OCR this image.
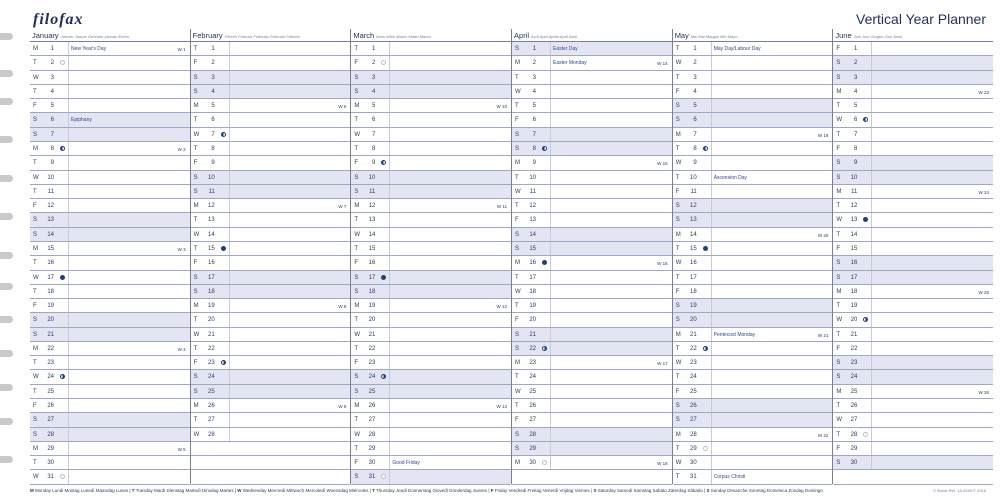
filofax	Vertical Year Planner
January Janvier Januar Gennaio Januari Enero
M	1	New Year's Day	W 1
T	2
W	3
T	4
F	5
S	6	Epiphany
S	7
M	8	W 2
T	9
W	10
T	11
F	12
S	13
S	14
M	15	W 3
T	16
W	17
T	18
F	19
S	20
S	21
M	22	W 4
T	23
W	24
T	25
F	26
S	27
S	28
M	29	W 5
T	30
W	31
February Février Februar Febbraio Februari Febrero
T	1
F	2
S	3
S	4
M	5	W 6
T	6
W	7
T	8
F	9
S	10
S	11
M	12	W 7
T	13
W	14
T	15
F	16
S	17
S	18
M	19	W 8
T	20
W	21
T	22
F	23
S	24
S	25
M	26	W 9
T	27
W	28
March Mars März Marzo Maart Marzo
T	1
F	2
S	3
S	4
M	5	W 10
T	6
W	7
T	8
F	9
S	10
S	11
M	12	W 11
T	13
W	14
T	15
F	16
S	17
S	18
M	19	W 12
T	20
W	21
T	22
F	23
S	24
S	25
M	26	W 13
T	27
W	28
T	29
F	30	Good Friday
S	31
April Avril April Aprile April Abril
S	1	Easter Day
M	2	Easter Monday	W 14
T	3
W	4
T	5
F	6
S	7
S	8
M	9	W 15
T	10
W	11
T	12
F	13
S	14
S	15
M	16	W 16
T	17
W	18
T	19
F	20
S	21
S	22
M	23	W 17
T	24
W	25
T	26
F	27
S	28
S	29
M	30	W 18
May Mai Mai Maggio Mei Mayo
T	1	May Day/Labour Day
W	2
T	3
F	4
S	5
S	6
M	7	W 19
T	8
W	9
T	10	Ascension Day
F	11
S	12
S	13
M	14	W 20
T	15
W	16
T	17
F	18
S	19
S	20
M	21	Pentecost Monday	W 21
T	22
W	23
T	24
F	25
S	26
S	27
M	28	W 22
T	29
W	30
T	31	Corpus Christi
June Juin Juni Giugno Juni Junio
F	1
S	2
S	3
M	4	W 23
T	5
W	6
T	7
F	8
S	9
S	10
M	11	W 24
T	12
W	13
T	14
F	15
S	16
S	17
M	18	W 25
T	19
W	20
T	21
F	22
S	23
S	24
M	25	W 26
T	26
W	27
T	28
F	29
S	30
M Monday Lundi Montag Lunedì Maandag Lunes | T Tuesday Mardi Dienstag Martedì Dinsdag Martes | W Wednesday Mercredi Mittwoch Mercoledì Woensdag Miércoles | T Thursday Jeudi Donnerstag Giovedì Donderdag Jueves | F Friday Vendredi Freitag Venerdì Vrijdag Viernes | S Saturday Samedi Samstag Sabato Zaterdag Sábado | S Sunday Dimanche Sonntag Domenica Zondag Domingo	© filofax Ref. 18-0250 © 2016
